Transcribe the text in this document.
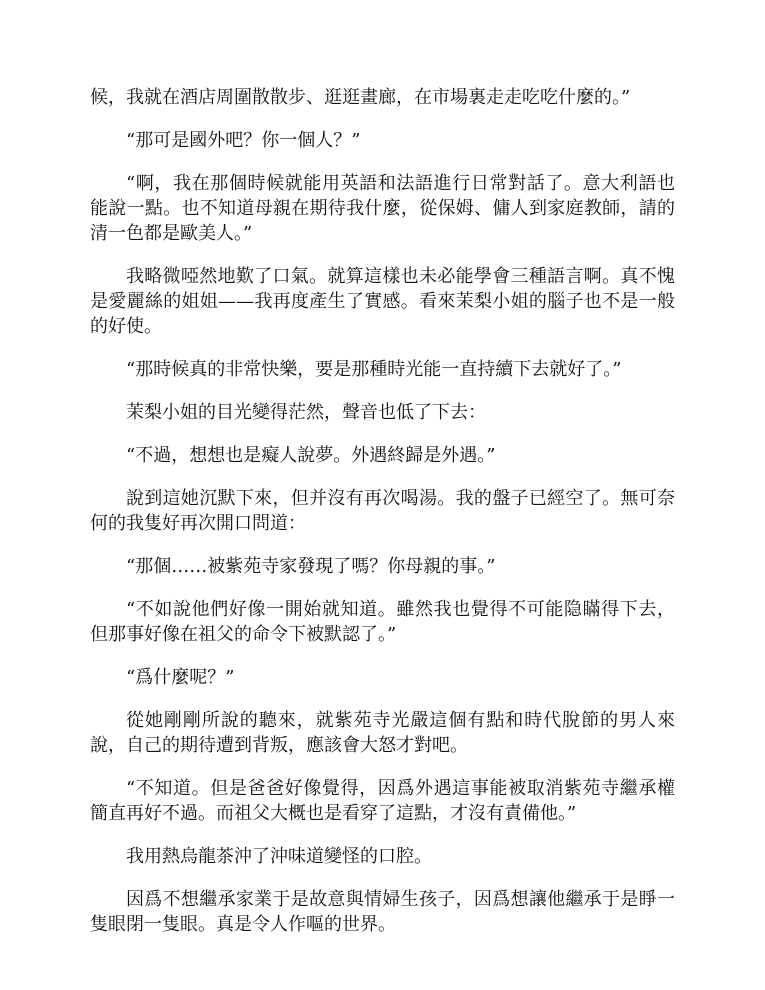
候，我就在酒店周圍散散步、逛逛畫廊，在市場裏走走吃吃什麼的。”

“那可是國外吧？你一個人？”

“啊，我在那個時候就能用英語和法語進行日常對話了。意大利語也能說一點。也不知道母親在期待我什麼，從保姆、傭人到家庭教師，請的清一色都是歐美人。”

我略微啞然地歎了口氣。就算這樣也未必能學會三種語言啊。真不愧是愛麗絲的姐姐——我再度產生了實感。看來茉梨小姐的腦子也不是一般的好使。

“那時候真的非常快樂，要是那種時光能一直持續下去就好了。”

茉梨小姐的目光變得茫然，聲音也低了下去：

“不過，想想也是癡人說夢。外遇終歸是外遇。”

說到這她沉默下來，但并沒有再次喝湯。我的盤子已經空了。無可奈何的我隻好再次開口問道：

“那個……被紫苑寺家發現了嗎？你母親的事。”

“不如說他們好像一開始就知道。雖然我也覺得不可能隐瞞得下去，但那事好像在祖父的命令下被默認了。”

“爲什麼呢？”

從她剛剛所說的聽來，就紫苑寺光嚴這個有點和時代脫節的男人來說，自己的期待遭到背叛，應該會大怒才對吧。

“不知道。但是爸爸好像覺得，因爲外遇這事能被取消紫苑寺繼承權簡直再好不過。而祖父大概也是看穿了這點，才沒有責備他。”

我用熱烏龍茶沖了沖味道變怪的口腔。

因爲不想繼承家業于是故意與情婦生孩子，因爲想讓他繼承于是睜一隻眼閉一隻眼。真是令人作嘔的世界。
